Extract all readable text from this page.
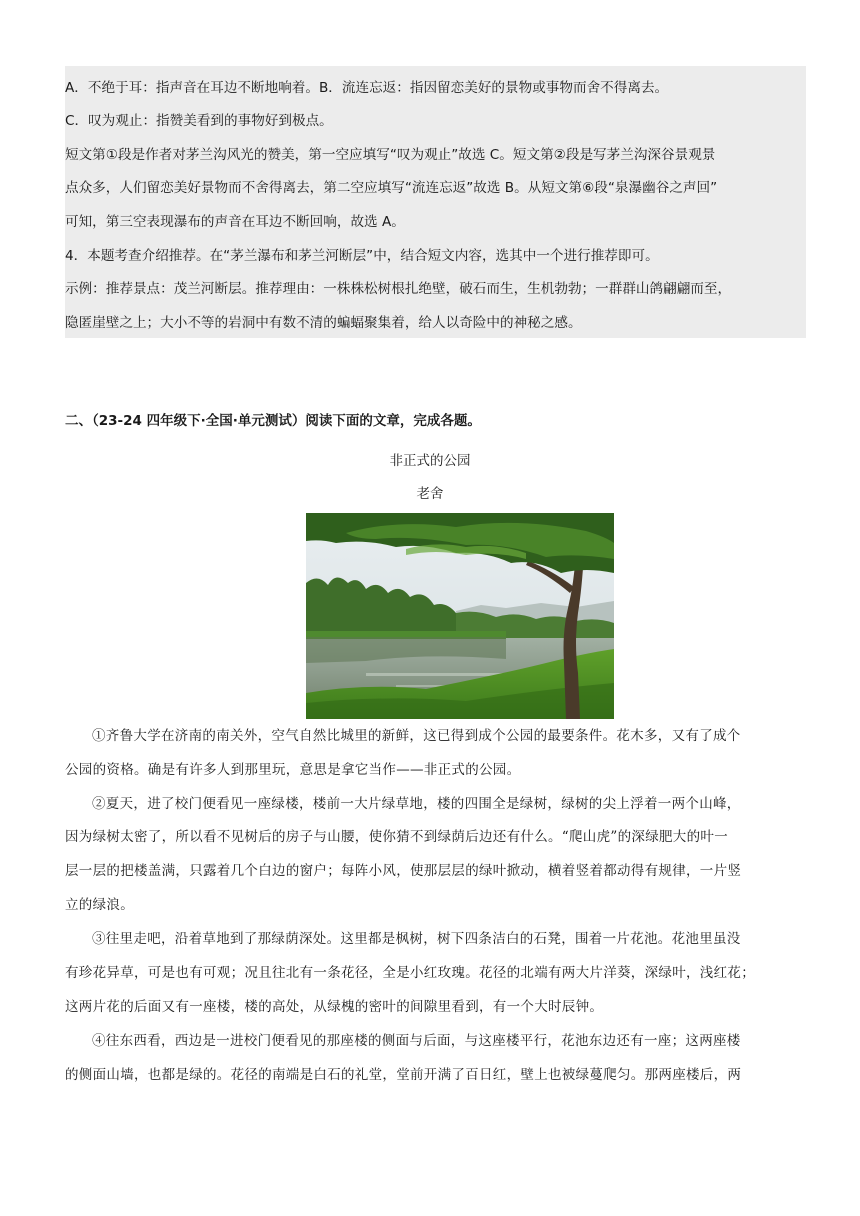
A．不绝于耳：指声音在耳边不断地响着。B．流连忘返：指因留恋美好的景物或事物而舍不得离去。

C．叹为观止：指赞美看到的事物好到极点。

短文第①段是作者对茅兰沟风光的赞美，第一空应填写“叹为观止”故选 C。短文第②段是写茅兰沟深谷景观景

点众多，人们留恋美好景物而不舍得离去，第二空应填写“流连忘返”故选 B。从短文第⑥段“泉瀑幽谷之声回”

可知，第三空表现瀑布的声音在耳边不断回响，故选 A。

4．本题考查介绍推荐。在“茅兰瀑布和茅兰河断层”中，结合短文内容，选其中一个进行推荐即可。

示例：推荐景点：茂兰河断层。推荐理由：一株株松树根扎绝壁，破石而生，生机勃勃；一群群山鸽翩翩而至，

隐匿崖壁之上；大小不等的岩洞中有数不清的蝙蝠聚集着，给人以奇险中的神秘之感。

二、（23-24 四年级下·全国·单元测试）阅读下面的文章，完成各题。

非正式的公园

老舍

①齐鲁大学在济南的南关外，空气自然比城里的新鲜，这已得到成个公园的最要条件。花木多，又有了成个

公园的资格。确是有许多人到那里玩，意思是拿它当作——非正式的公园。

②夏天，进了校门便看见一座绿楼，楼前一大片绿草地，楼的四围全是绿树，绿树的尖上浮着一两个山峰，

因为绿树太密了，所以看不见树后的房子与山腰，使你猜不到绿荫后边还有什么。“爬山虎”的深绿肥大的叶一

层一层的把楼盖满，只露着几个白边的窗户；每阵小风，使那层层的绿叶掀动，横着竖着都动得有规律，一片竖

立的绿浪。

③往里走吧，沿着草地到了那绿荫深处。这里都是枫树，树下四条洁白的石凳，围着一片花池。花池里虽没

有珍花异草，可是也有可观；况且往北有一条花径，全是小红玫瑰。花径的北端有两大片洋葵，深绿叶，浅红花；

这两片花的后面又有一座楼，楼的高处，从绿槐的密叶的间隙里看到，有一个大时辰钟。

④往东西看，西边是一进校门便看见的那座楼的侧面与后面，与这座楼平行，花池东边还有一座；这两座楼

的侧面山墙，也都是绿的。花径的南端是白石的礼堂，堂前开满了百日红，壁上也被绿蔓爬匀。那两座楼后，两
